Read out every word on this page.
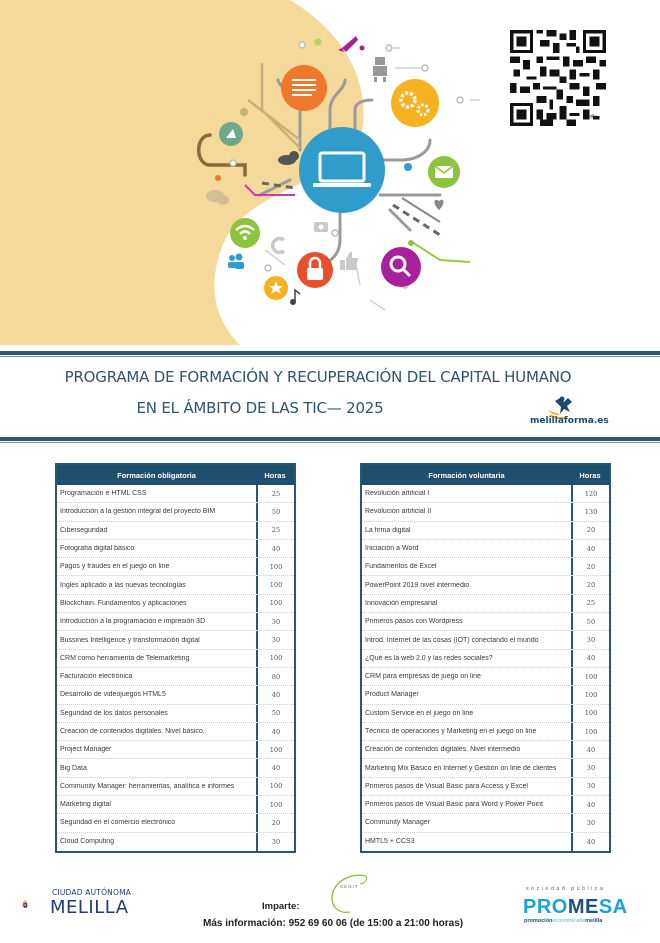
bitly
PROGRAMA DE FORMACIÓN Y RECUPERACIÓN DEL CAPITAL HUMANO
EN EL ÁMBITO DE LAS TIC— 2025
melillaforma.es
Formación obligatoria	Horas
Programación e HTML CSS	25
Introducción a la gestión integral del proyecto BIM	50
Ciberseguridad	25
Fotografía digital básico	40
Pagos y fraudes en el juego on line	100
Inglés aplicado a las nuevas tecnologías	100
Blockchain. Fundamentos y aplicaciones	100
Introducción a la programación e impresión 3D	30
Bussines Intelligence y transformación digital	30
CRM como herramienta de Telemarketing	100
Facturación electrónica	80
Desarrollo de videojuegos HTML5	40
Seguridad de los datos personales	50
Creación de contenidos digitales. Nivel básico.	40
Project Manager	100
Big Data	40
Community Manager: herramientas, analítica e informes	100
Marketing digital	100
Seguridad en el comercio electrónico	20
Cloud Computing	30
Formación voluntaria	Horas
Revolución artificial I	120
Revolución artificial II	130
La firma digital	20
Iniciación a Word	40
Fundamentos de Excel	20
PowerPoint 2019 nivel intermedio	20
Innovación empresarial	25
Primeros pasos con Wordpress	50
Introd. Internet de las cosas (IOT) conectando el mundo	30
¿Qué es la web 2.0 y las redes sociales?	40
CRM para empresas de juego on line	100
Product Manager	100
Custom Service en el juego on line	100
Técnico de operaciones y Marketing en el juego on line	100
Creación de contenidos digitales. Nivel intermedio	40
Marketing Mix Básico en Internet y Gestión on line de clientes	30
Primeros pasos de Visual Basic para Access y Excel	30
Primeros pasos de Visual Basic para Word y Power Point	40
Community Manager	30
HMTL5 + CCS3	40
CIUDAD AUTÓNOMA
MELILLA	Imparte:
CENIT
Más información: 952 69 60 06 (de 15:00 a 21:00 horas)
sociedad pública
PROMESA
promocióneconómicademelilla
